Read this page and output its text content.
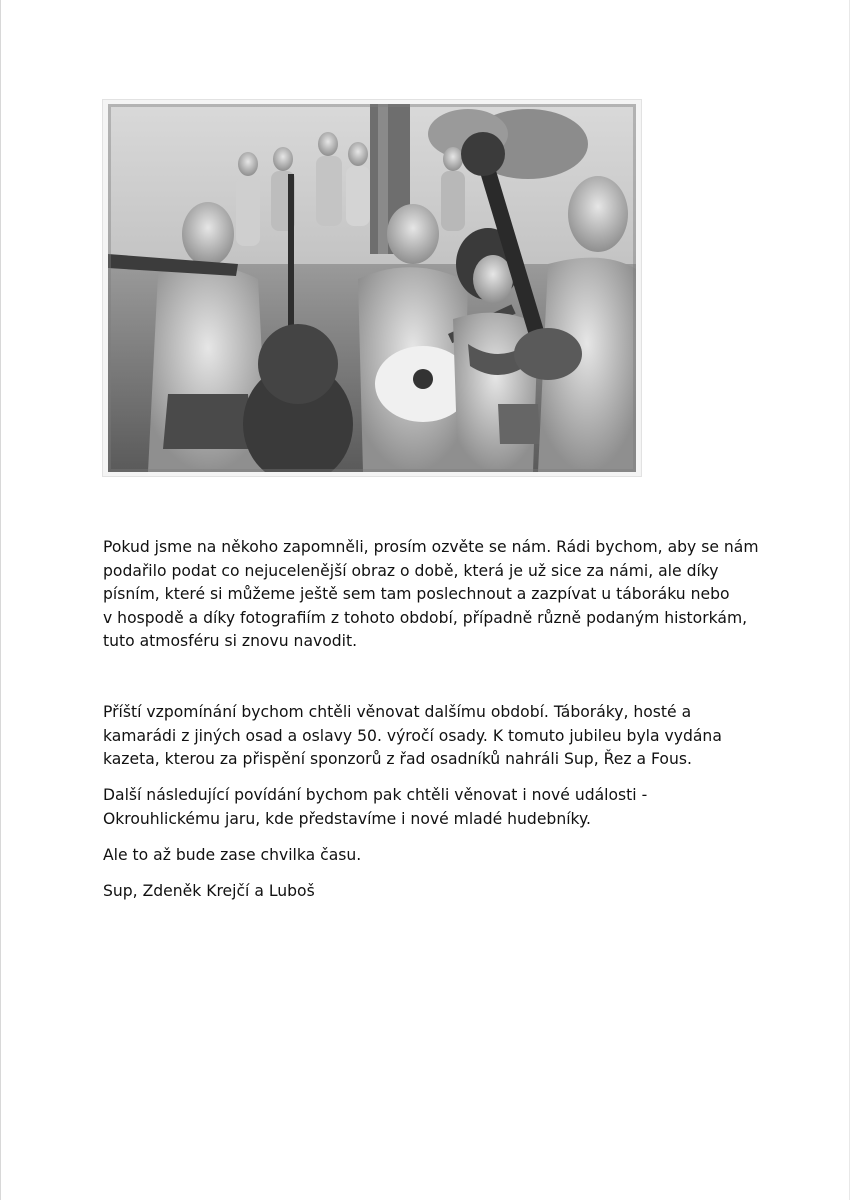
Pokud jsme na někoho zapomněli, prosím ozvěte se nám. Rádi bychom, aby se nám

podařilo podat co nejucelenější obraz o době, která je už sice za námi, ale díky

písním, které si můžeme ještě sem tam poslechnout a zazpívat u táboráku nebo

v hospodě a díky fotografiím z tohoto období, případně různě podaným historkám,

tuto atmosféru si znovu navodit.

Příští vzpomínání bychom chtěli věnovat dalšímu období. Táboráky, hosté a

kamarádi z jiných osad a oslavy 50. výročí osady. K tomuto jubileu byla vydána

kazeta, kterou za přispění sponzorů z řad osadníků nahráli Sup, Řez a Fous.

Další následující povídání bychom pak chtěli věnovat i nové události -

Okrouhlickému jaru, kde představíme i nové mladé hudebníky.

Ale to až bude zase chvilka času.

Sup, Zdeněk Krejčí a Luboš
